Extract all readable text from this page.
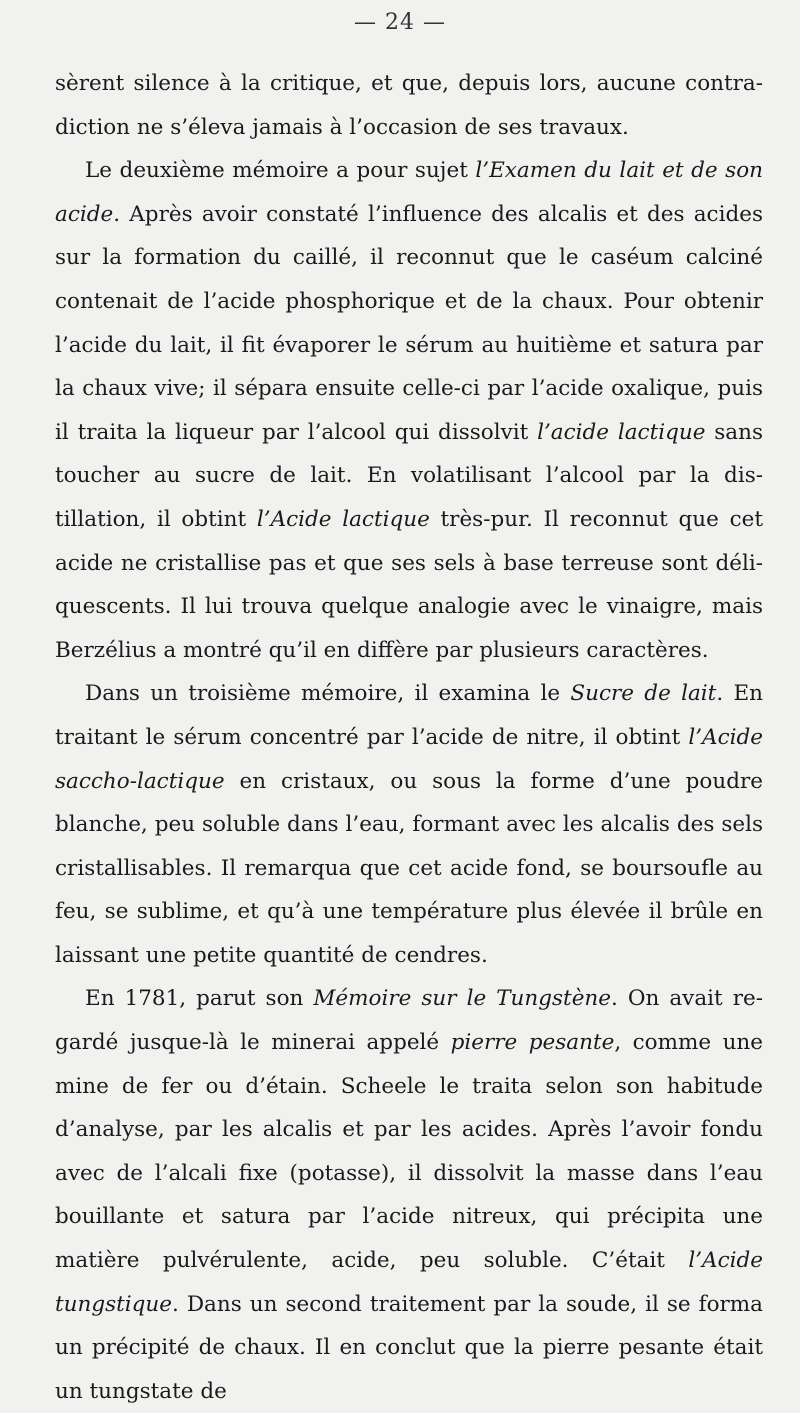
— 24 —

sèrent silence à la critique, et que, depuis lors, aucune contradiction ne s’éleva jamais à l’occasion de ses travaux.

Le deuxième mémoire a pour sujet l’Examen du lait et de son acide. Après avoir constaté l’influence des alcalis et des acides sur la formation du caillé, il reconnut que le caséum calciné contenait de l’acide phosphorique et de la chaux. Pour obtenir l’acide du lait, il fit évaporer le sérum au huitième et satura par la chaux vive; il sépara ensuite celle-ci par l’acide oxalique, puis il traita la liqueur par l’alcool qui dissolvit l’acide lactique sans toucher au sucre de lait. En volatilisant l’alcool par la distillation, il obtint l’Acide lactique très-pur. Il reconnut que cet acide ne cristallise pas et que ses sels à base terreuse sont déliquescents. Il lui trouva quelque analogie avec le vinaigre, mais Berzélius a montré qu’il en diffère par plusieurs caractères.

Dans un troisième mémoire, il examina le Sucre de lait. En traitant le sérum concentré par l’acide de nitre, il obtint l’Acide saccho-lactique en cristaux, ou sous la forme d’une poudre blanche, peu soluble dans l’eau, formant avec les alcalis des sels cristallisables. Il remarqua que cet acide fond, se boursoufle au feu, se sublime, et qu’à une température plus élevée il brûle en laissant une petite quantité de cendres.

En 1781, parut son Mémoire sur le Tungstène. On avait regardé jusque-là le minerai appelé pierre pesante, comme une mine de fer ou d’étain. Scheele le traita selon son habitude d’analyse, par les alcalis et par les acides. Après l’avoir fondu avec de l’alcali fixe (potasse), il dissolvit la masse dans l’eau bouillante et satura par l’acide nitreux, qui précipita une matière pulvérulente, acide, peu soluble. C’était l’Acide tungstique. Dans un second traitement par la soude, il se forma un précipité de chaux. Il en conclut que la pierre pesante était un tungstate de
